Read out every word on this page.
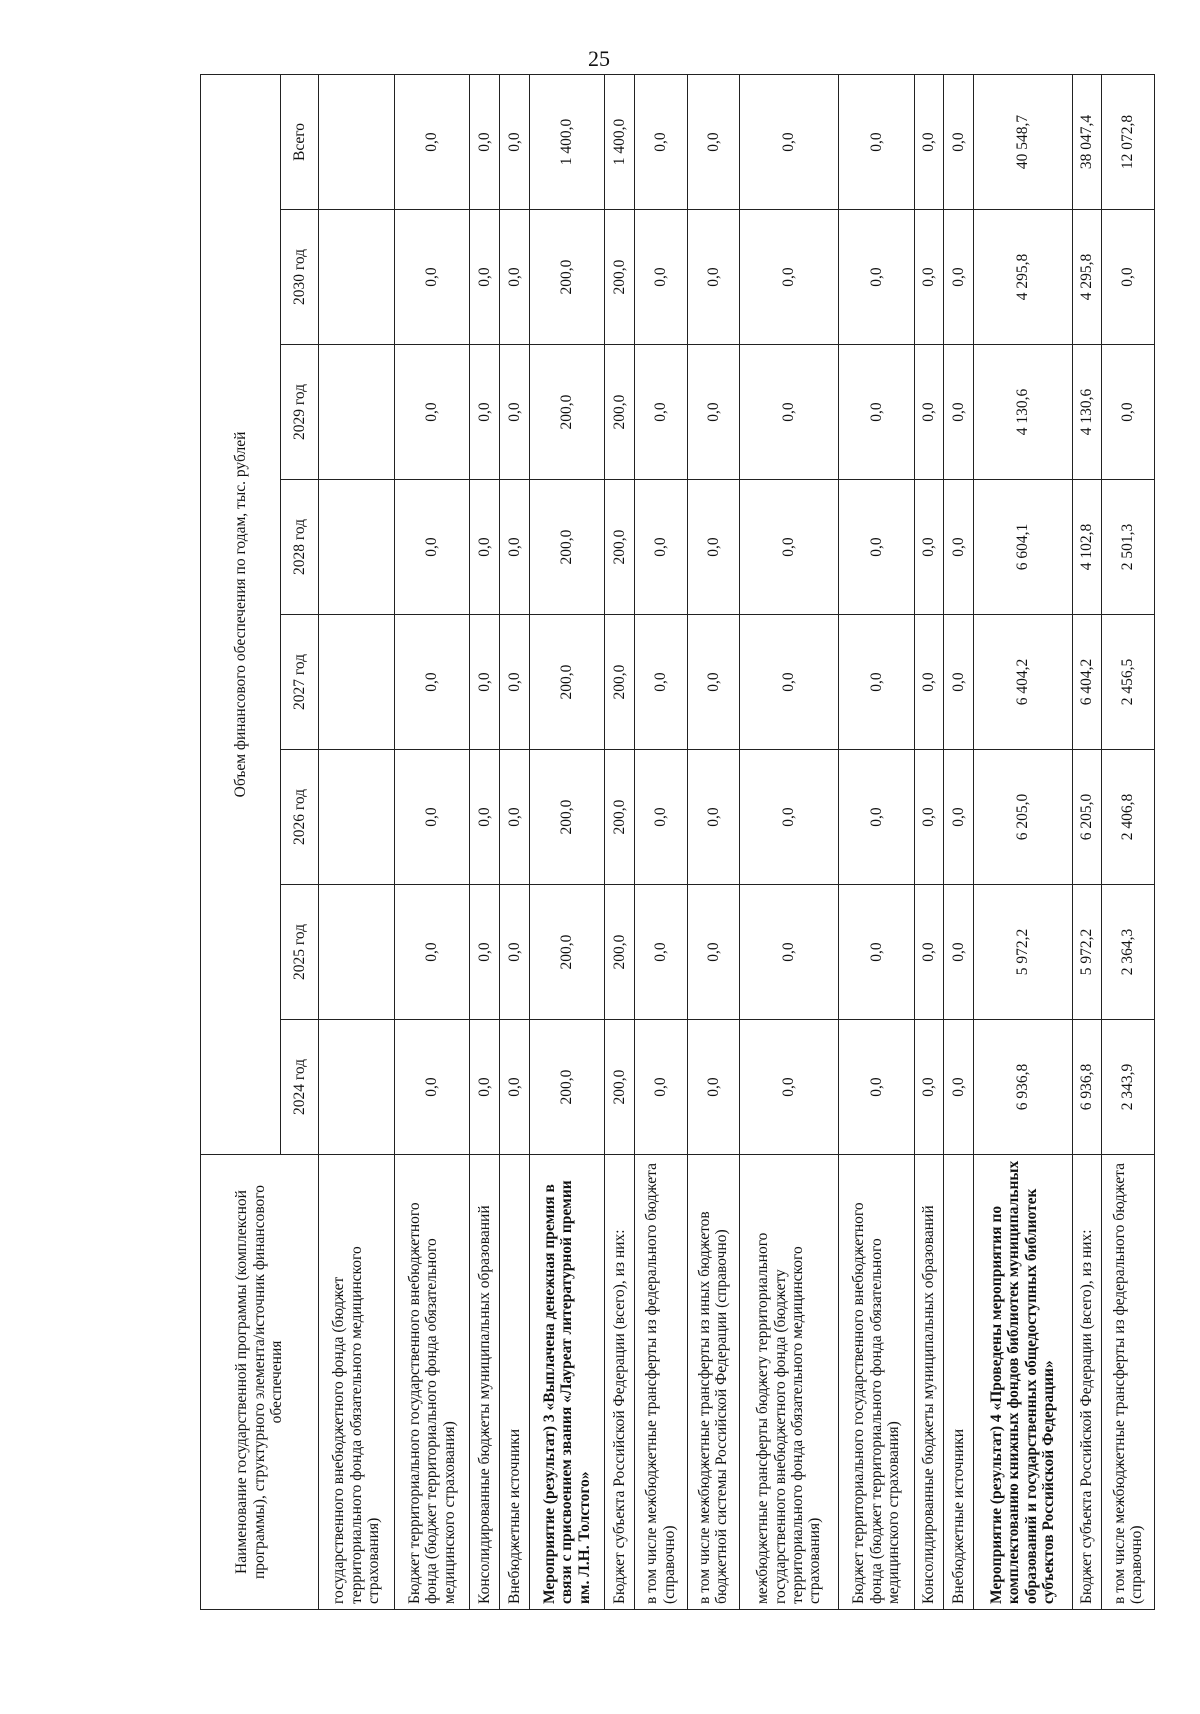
25
Наименование государственной программы (комплексной программы), структурного элемента/источник финансового обеспечения	Объем финансового обеспечения по годам, тыс. рублей							
	2024 год	2025 год	2026 год	2027 год	2028 год	2029 год	2030 год	Всего
государственного внебюджетного фонда (бюджет территориального фонда обязательного медицинского страхования)								
Бюджет территориального государственного внебюджетного фонда (бюджет территориального фонда обязательного медицинского страхования)	0,0	0,0	0,0	0,0	0,0	0,0	0,0	0,0
Консолидированные бюджеты муниципальных образований	0,0	0,0	0,0	0,0	0,0	0,0	0,0	0,0
Внебюджетные источники	0,0	0,0	0,0	0,0	0,0	0,0	0,0	0,0
Мероприятие (результат) 3 «Выплачена денежная премия в связи с присвоением звания «Лауреат литературной премии им. Л.Н. Толстого»	200,0	200,0	200,0	200,0	200,0	200,0	200,0	1 400,0
Бюджет субъекта Российской Федерации (всего), из них:	200,0	200,0	200,0	200,0	200,0	200,0	200,0	1 400,0
в том числе межбюджетные трансферты из федерального бюджета (справочно)	0,0	0,0	0,0	0,0	0,0	0,0	0,0	0,0
в том числе межбюджетные трансферты из иных бюджетов бюджетной системы Российской Федерации (справочно)	0,0	0,0	0,0	0,0	0,0	0,0	0,0	0,0
межбюджетные трансферты бюджету территориального государственного внебюджетного фонда (бюджету территориального фонда обязательного медицинского страхования)	0,0	0,0	0,0	0,0	0,0	0,0	0,0	0,0
Бюджет территориального государственного внебюджетного фонда (бюджет территориального фонда обязательного медицинского страхования)	0,0	0,0	0,0	0,0	0,0	0,0	0,0	0,0
Консолидированные бюджеты муниципальных образований	0,0	0,0	0,0	0,0	0,0	0,0	0,0	0,0
Внебюджетные источники	0,0	0,0	0,0	0,0	0,0	0,0	0,0	0,0
Мероприятие (результат) 4 «Проведены мероприятия по комплектованию книжных фондов библиотек муниципальных образований и государственных общедоступных библиотек субъектов Российской Федерации»	6 936,8	5 972,2	6 205,0	6 404,2	6 604,1	4 130,6	4 295,8	40 548,7
Бюджет субъекта Российской Федерации (всего), из них:	6 936,8	5 972,2	6 205,0	6 404,2	4 102,8	4 130,6	4 295,8	38 047,4
в том числе межбюджетные трансферты из федерального бюджета (справочно)	2 343,9	2 364,3	2 406,8	2 456,5	2 501,3	0,0	0,0	12 072,8
